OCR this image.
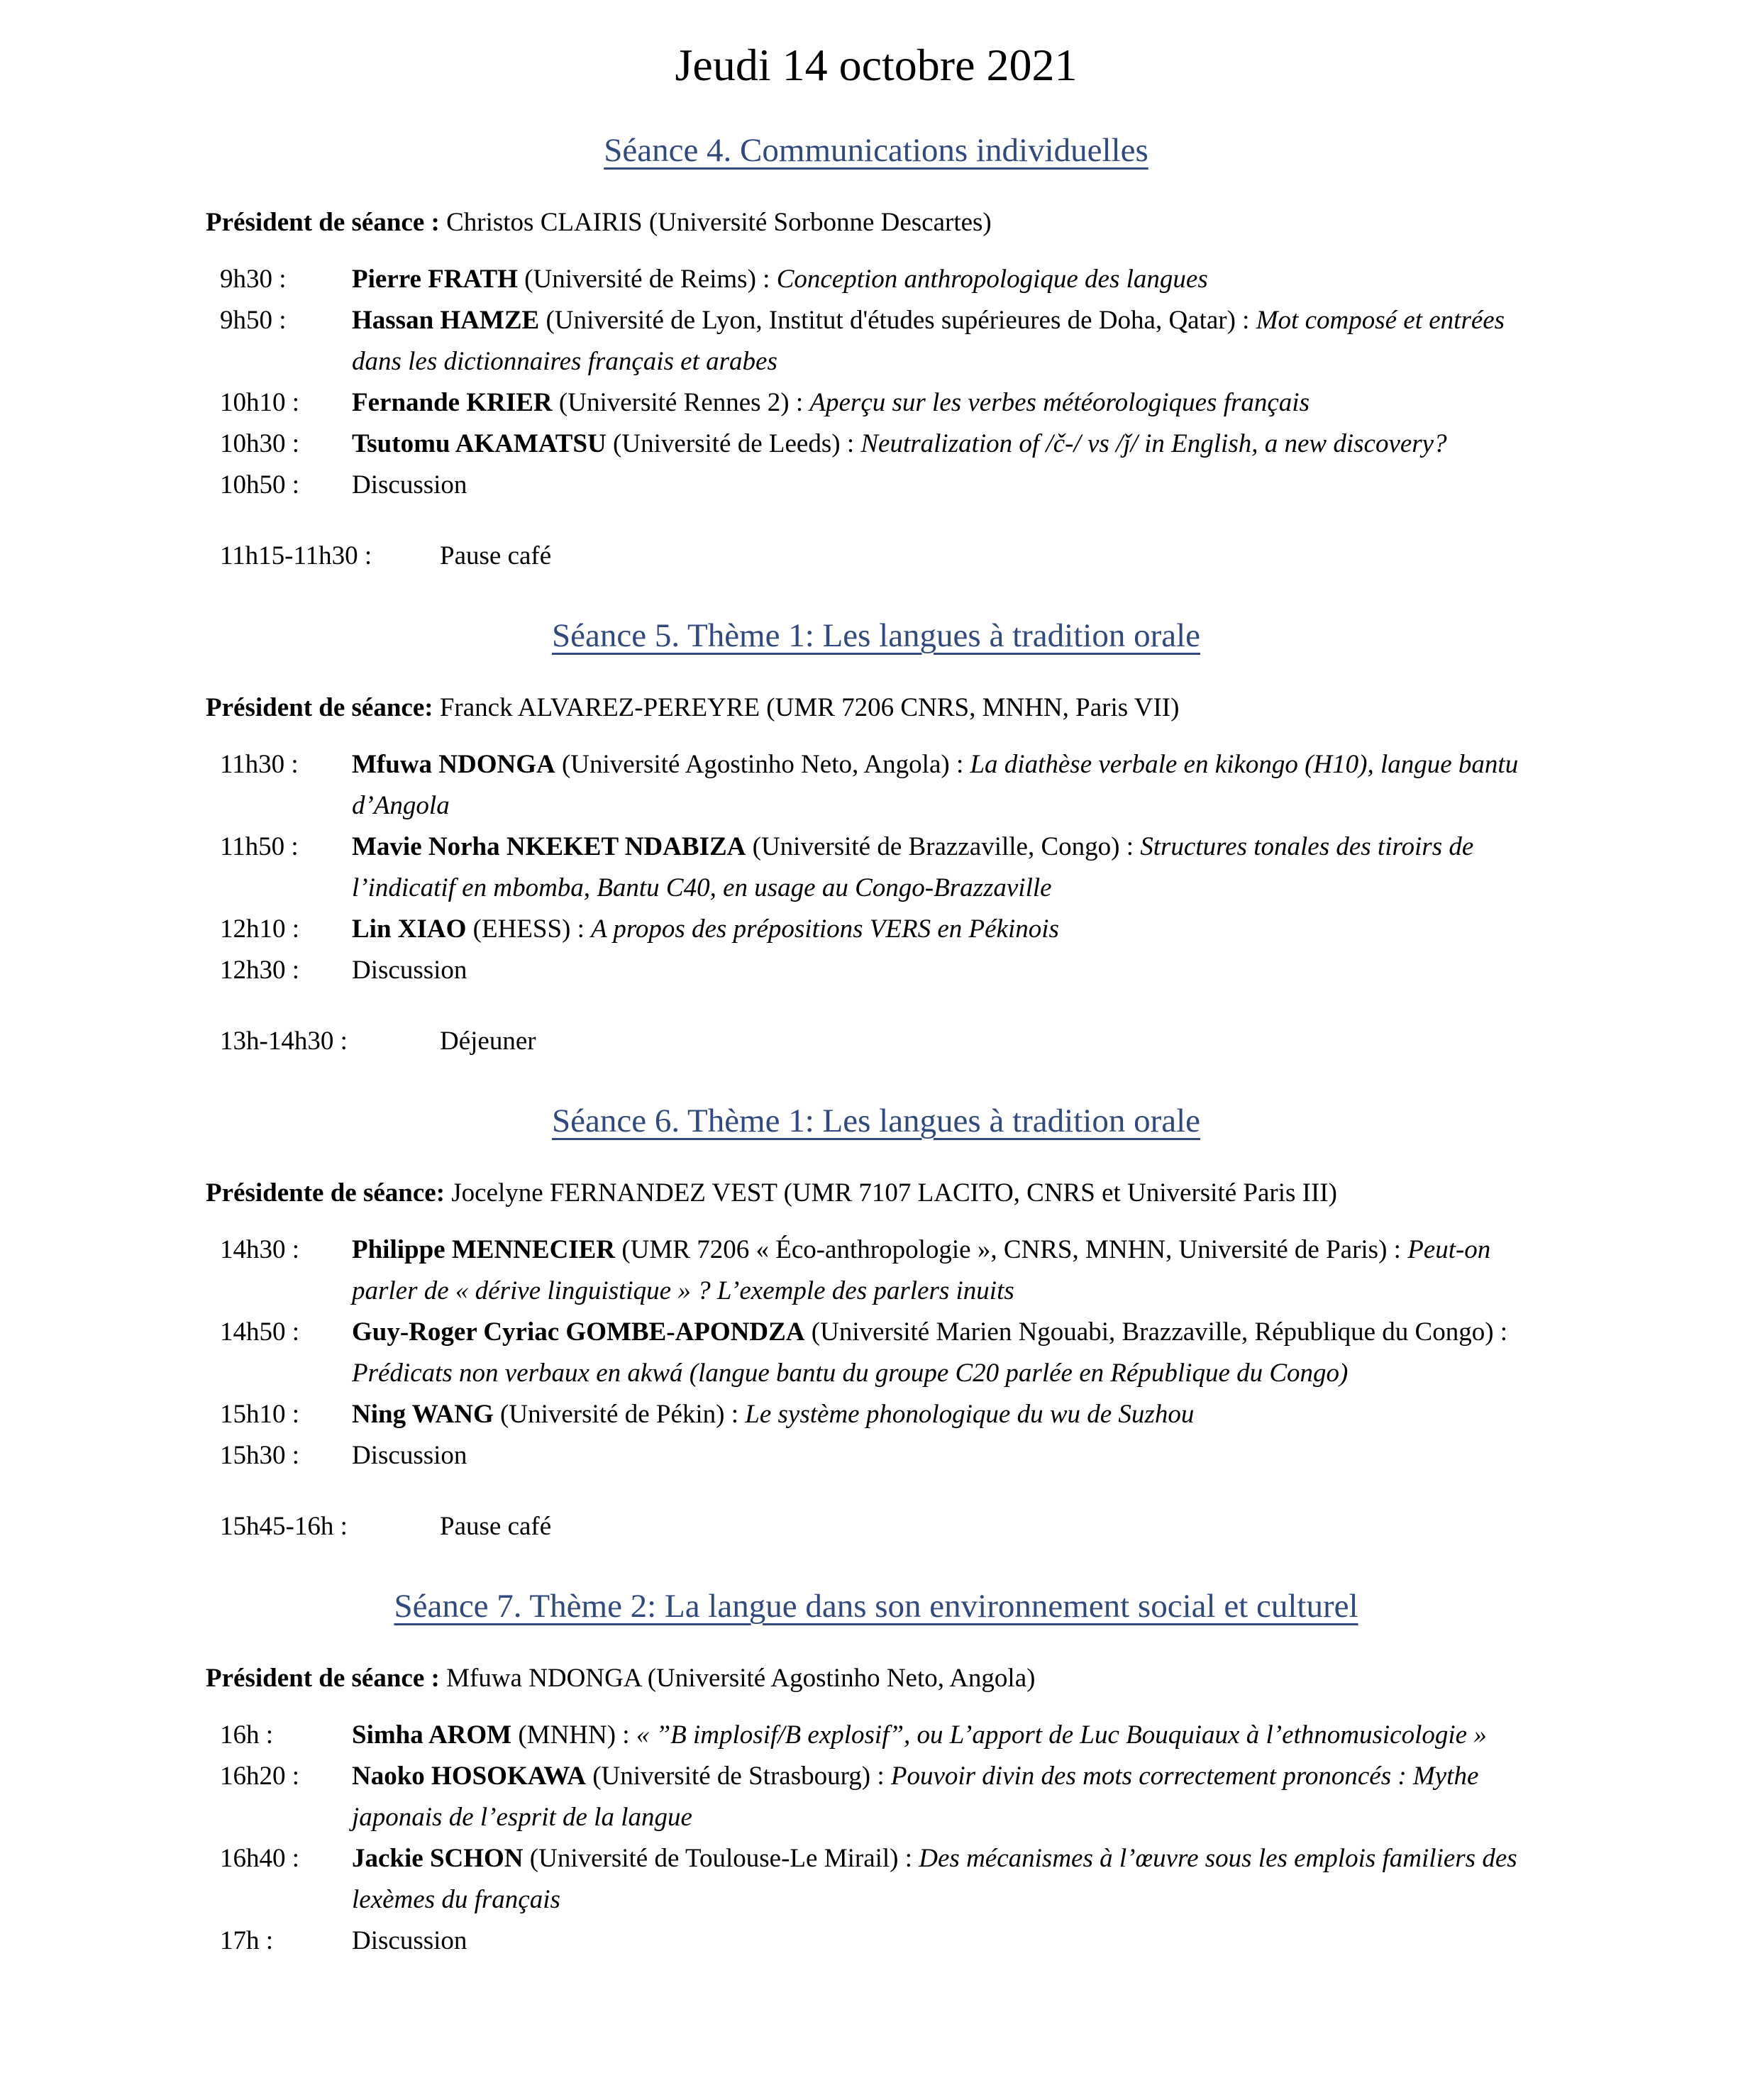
Jeudi 14 octobre 2021
Séance 4. Communications individuelles

Président de séance : Christos CLAIRIS (Université Sorbonne Descartes)

9h30 :	Pierre FRATH (Université de Reims) : Conception anthropologique des langues
9h50 :	Hassan HAMZE (Université de Lyon, Institut d'études supérieures de Doha, Qatar) : Mot composé et entrées dans les dictionnaires français et arabes
10h10 :	Fernande KRIER (Université Rennes 2) : Aperçu sur les verbes météorologiques français
10h30 :	Tsutomu AKAMATSU (Université de Leeds) : Neutralization of /č-/ vs /ǰ/ in English, a new discovery?
10h50 :	Discussion
11h15-11h30 :	Pause café
Séance 5. Thème 1: Les langues à tradition orale

Président de séance: Franck ALVAREZ-PEREYRE (UMR 7206 CNRS, MNHN, Paris VII)

11h30 :	Mfuwa NDONGA (Université Agostinho Neto, Angola) : La diathèse verbale en kikongo (H10), langue bantu d’Angola
11h50 :	Mavie Norha NKEKET NDABIZA (Université de Brazzaville, Congo) : Structures tonales des tiroirs de l’indicatif en mbomba, Bantu C40, en usage au Congo-Brazzaville
12h10 :	Lin XIAO (EHESS) : A propos des prépositions VERS en Pékinois
12h30 :	Discussion
13h-14h30 :	Déjeuner
Séance 6. Thème 1: Les langues à tradition orale

Présidente de séance: Jocelyne FERNANDEZ VEST (UMR 7107 LACITO, CNRS et Université Paris III)

14h30 :	Philippe MENNECIER (UMR 7206 « Éco-anthropologie », CNRS, MNHN, Université de Paris) : Peut-on parler de « dérive linguistique » ? L’exemple des parlers inuits
14h50 :	Guy-Roger Cyriac GOMBE-APONDZA (Université Marien Ngouabi, Brazzaville, République du Congo) : Prédicats non verbaux en akwá (langue bantu du groupe C20 parlée en République du Congo)
15h10 :	Ning WANG (Université de Pékin) : Le système phonologique du wu de Suzhou
15h30 :	Discussion
15h45-16h :	Pause café
Séance 7. Thème 2: La langue dans son environnement social et culturel

Président de séance : Mfuwa NDONGA (Université Agostinho Neto, Angola)

16h :	Simha AROM (MNHN) : « ”B implosif/B explosif”, ou L’apport de Luc Bouquiaux à l’ethnomusicologie »
16h20 :	Naoko HOSOKAWA (Université de Strasbourg) : Pouvoir divin des mots correctement prononcés : Mythe japonais de l’esprit de la langue
16h40 :	Jackie SCHON (Université de Toulouse-Le Mirail) : Des mécanismes à l’œuvre sous les emplois familiers des lexèmes du français
17h :	Discussion
